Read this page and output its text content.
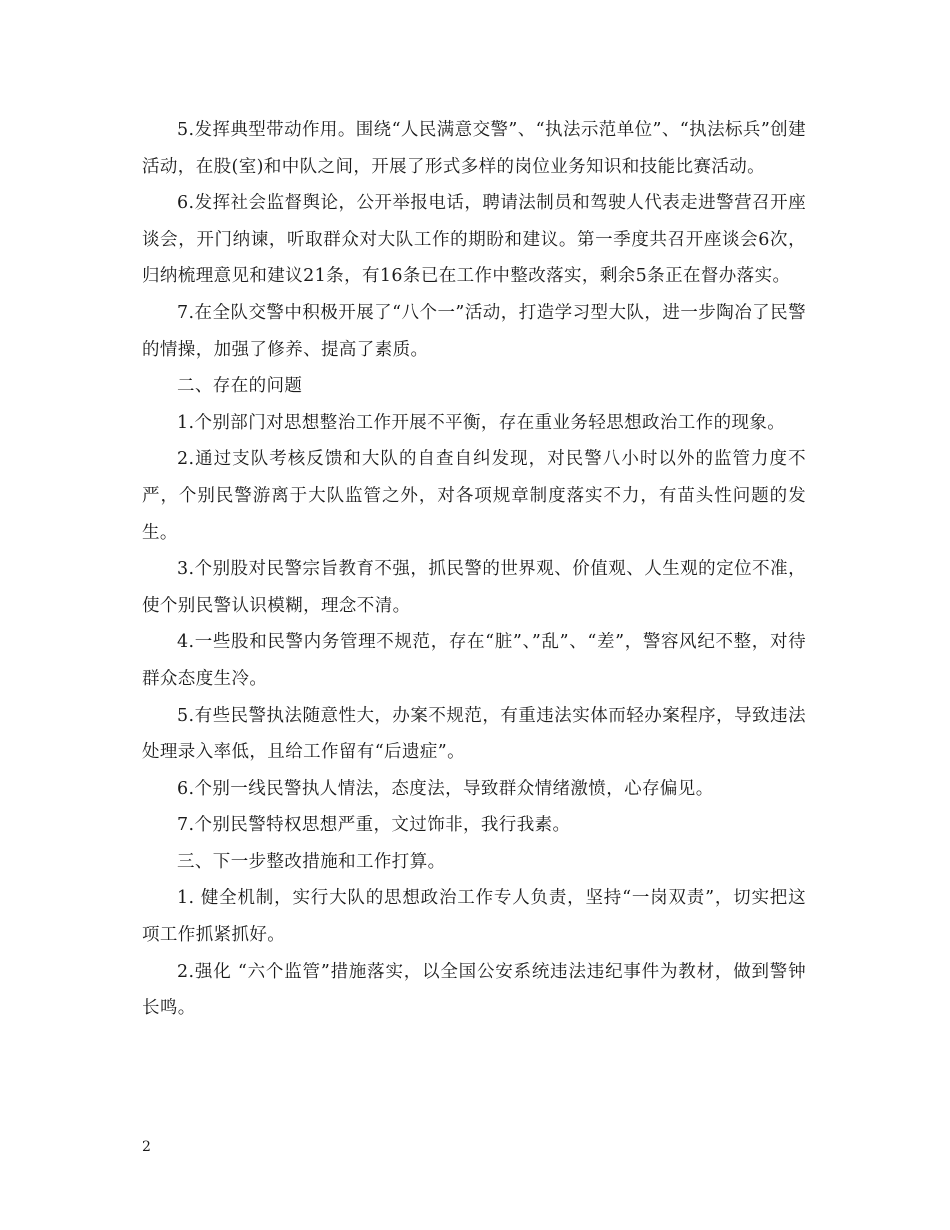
5.发挥典型带动作用。围绕“人民满意交警”、“执法示范单位”、“执法标兵”创建活动，在股(室)和中队之间，开展了形式多样的岗位业务知识和技能比赛活动。

6.发挥社会监督舆论，公开举报电话，聘请法制员和驾驶人代表走进警营召开座谈会，开门纳谏，听取群众对大队工作的期盼和建议。第一季度共召开座谈会6次，归纳梳理意见和建议21条，有16条已在工作中整改落实，剩余5条正在督办落实。

7.在全队交警中积极开展了“八个一”活动，打造学习型大队，进一步陶冶了民警的情操，加强了修养、提高了素质。

二、存在的问题

1.个别部门对思想整治工作开展不平衡，存在重业务轻思想政治工作的现象。

2.通过支队考核反馈和大队的自查自纠发现，对民警八小时以外的监管力度不严，个别民警游离于大队监管之外，对各项规章制度落实不力，有苗头性问题的发生。

3.个别股对民警宗旨教育不强，抓民警的世界观、价值观、人生观的定位不准，使个别民警认识模糊，理念不清。

4.一些股和民警内务管理不规范，存在“脏”、”乱”、“差”，警容风纪不整，对待群众态度生冷。

5.有些民警执法随意性大，办案不规范，有重违法实体而轻办案程序，导致违法处理录入率低，且给工作留有“后遗症”。

6.个别一线民警执人情法，态度法，导致群众情绪激愤，心存偏见。

7.个别民警特权思想严重，文过饰非，我行我素。

三、下一步整改措施和工作打算。

1. 健全机制，实行大队的思想政治工作专人负责，坚持“一岗双责”，切实把这项工作抓紧抓好。

2.强化 “六个监管”措施落实，以全国公安系统违法违纪事件为教材，做到警钟长鸣。

2
